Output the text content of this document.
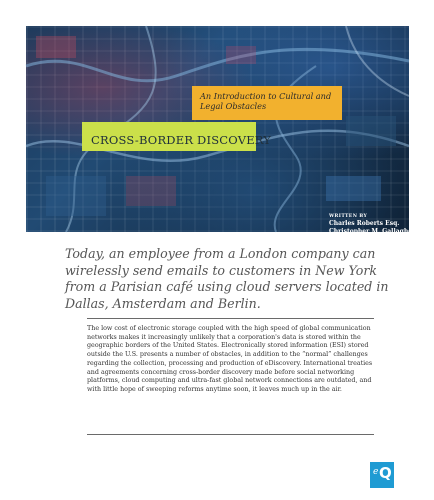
An Introduction to Cultural and Legal Obstacles
CROSS-BORDER DISCOVERY
WRITTEN BY
Charles Roberts Esq.
Christopher M. Gallagher Esq.

Today, an employee from a London company can wirelessly send emails to customers in New York from a Parisian café using cloud servers located in Dallas, Amsterdam and Berlin.

The low cost of electronic storage coupled with the high speed of global communication networks makes it increasingly unlikely that a corporation's data is stored within the geographic borders of the United States. Electronically stored information (ESI) stored outside the U.S. presents a number of obstacles, in addition to the “normal” challenges regarding the collection, processing and production of eDiscovery. International treaties and agreements concerning cross-border discovery made before social networking platforms, cloud computing and ultra-fast global network connections are outdated, and with little hope of sweeping reforms anytime soon, it leaves much up in the air.

e Q
